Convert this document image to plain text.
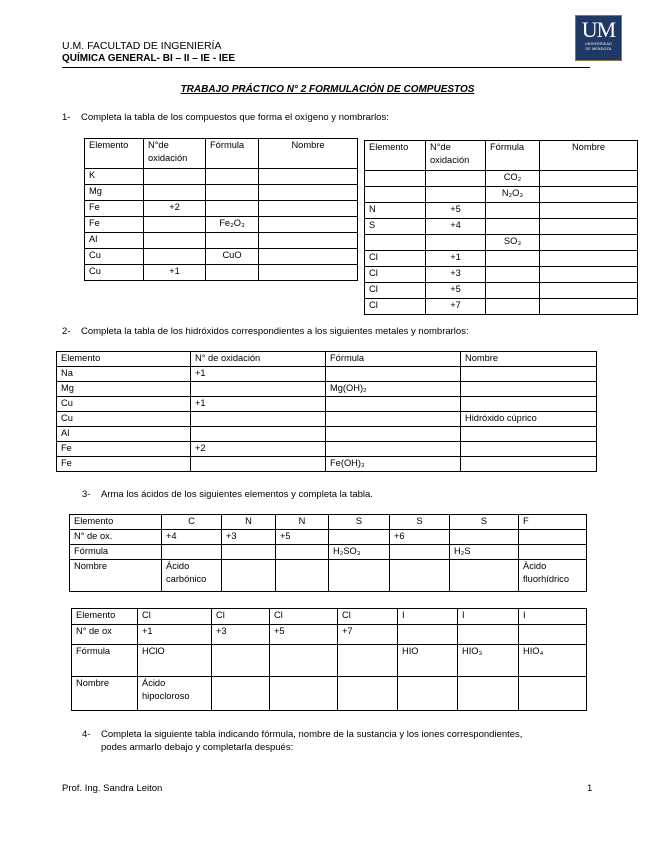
U.M. FACULTAD DE INGENIERÍA
QUÍMICA GENERAL- BI – II – IE - IEE
UM
UNIVERSIDAD
DE MENDOZA
TRABAJO PRÁCTICO N° 2 FORMULACIÓN DE COMPUESTOS
1- Completa la tabla de los compuestos que forma el oxígeno y nombrarlos:
Elemento	N°de oxidación	Fórmula	Nombre
K			
Mg			
Fe	+2		
Fe		Fe₂O₃	
Al			
Cu		CuO	
Cu	+1		
Elemento	N°de oxidación	Fórmula	Nombre
		CO₂	
		N₂O₃	
N	+5		
S	+4		
		SO₃	
Cl	+1		
Cl	+3		
Cl	+5		
Cl	+7		
2- Completa la tabla de los hidróxidos correspondientes a los siguientes metales y nombrarlos:
Elemento	N° de oxidación	Fórmula	Nombre
Na	+1		
Mg		Mg(OH)₂	
Cu	+1		
Cu			Hidróxido cúprico
Al			
Fe	+2		
Fe		Fe(OH)₃	
3- Arma los ácidos de los siguientes elementos y completa la tabla.
Elemento	C	N	N	S	S	S	F
N° de ox.	+4	+3	+5		+6		
Fórmula				H₂SO₃		H₂S	
Nombre	Ácido carbónico						Ácido fluorhídrico
Elemento	Cl	Cl	Cl	Cl	I	I	I
N° de ox	+1	+3	+5	+7			
Fórmula	HClO				HIO	HIO₃	HIO₄
Nombre	Ácido hipocloroso						
4- Completa la siguiente tabla indicando fórmula, nombre de la sustancia y los iones correspondientes,
podes armarlo debajo y completarla después:
Prof. Ing. Sandra Leiton	1
